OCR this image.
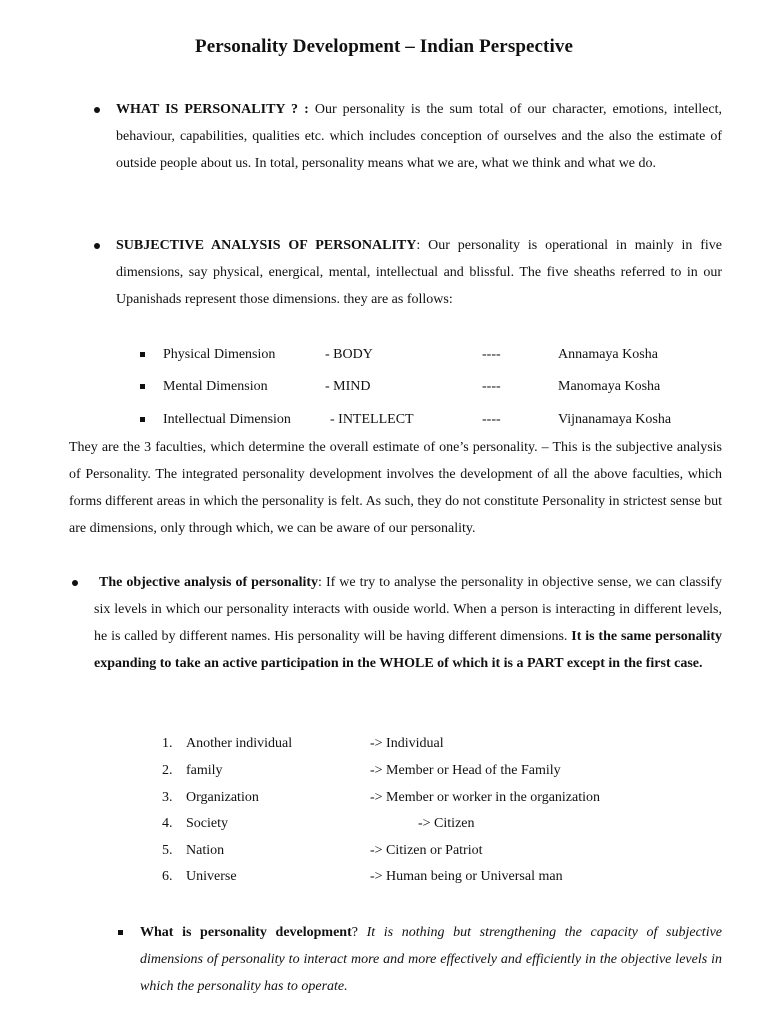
Personality Development – Indian Perspective
WHAT IS PERSONALITY ? : Our personality is the sum total of our character, emotions, intellect, behaviour, capabilities, qualities etc. which includes conception of ourselves and the also the estimate of outside people about us. In total, personality means what we are, what we think and what we do.
SUBJECTIVE ANALYSIS OF PERSONALITY: Our personality is operational in mainly in five dimensions, say physical, energical, mental, intellectual and blissful. The five sheaths referred to in our Upanishads represent those dimensions. they are as follows:
Physical Dimension	- BODY	----	Annamaya Kosha
Mental Dimension	- MIND	----	Manomaya Kosha
Intellectual Dimension	- INTELLECT	----	Vijnanamaya Kosha
They are the 3 faculties, which determine the overall estimate of one’s personality. – This is the subjective analysis of Personality. The integrated personality development involves the development of all the above faculties, which forms different areas in which the personality is felt. As such, they do not constitute Personality in strictest sense but are dimensions, only through which, we can be aware of our personality.
The objective analysis of personality: If we try to analyse the personality in objective sense, we can classify six levels in which our personality interacts with ouside world. When a person is interacting in different levels, he is called by different names. His personality will be having different dimensions. It is the same personality expanding to take an active participation in the WHOLE of which it is a PART except in the first case.
1. Another individual	-> Individual
2. family	-> Member or Head of the Family
3. Organization	-> Member or worker in the organization
4. Society	-> Citizen
5. Nation	-> Citizen or Patriot
6. Universe	-> Human being or Universal man
What is personality development? It is nothing but strengthening the capacity of subjective dimensions of personality to interact more and more effectively and efficiently in the objective levels in which the personality has to operate.
